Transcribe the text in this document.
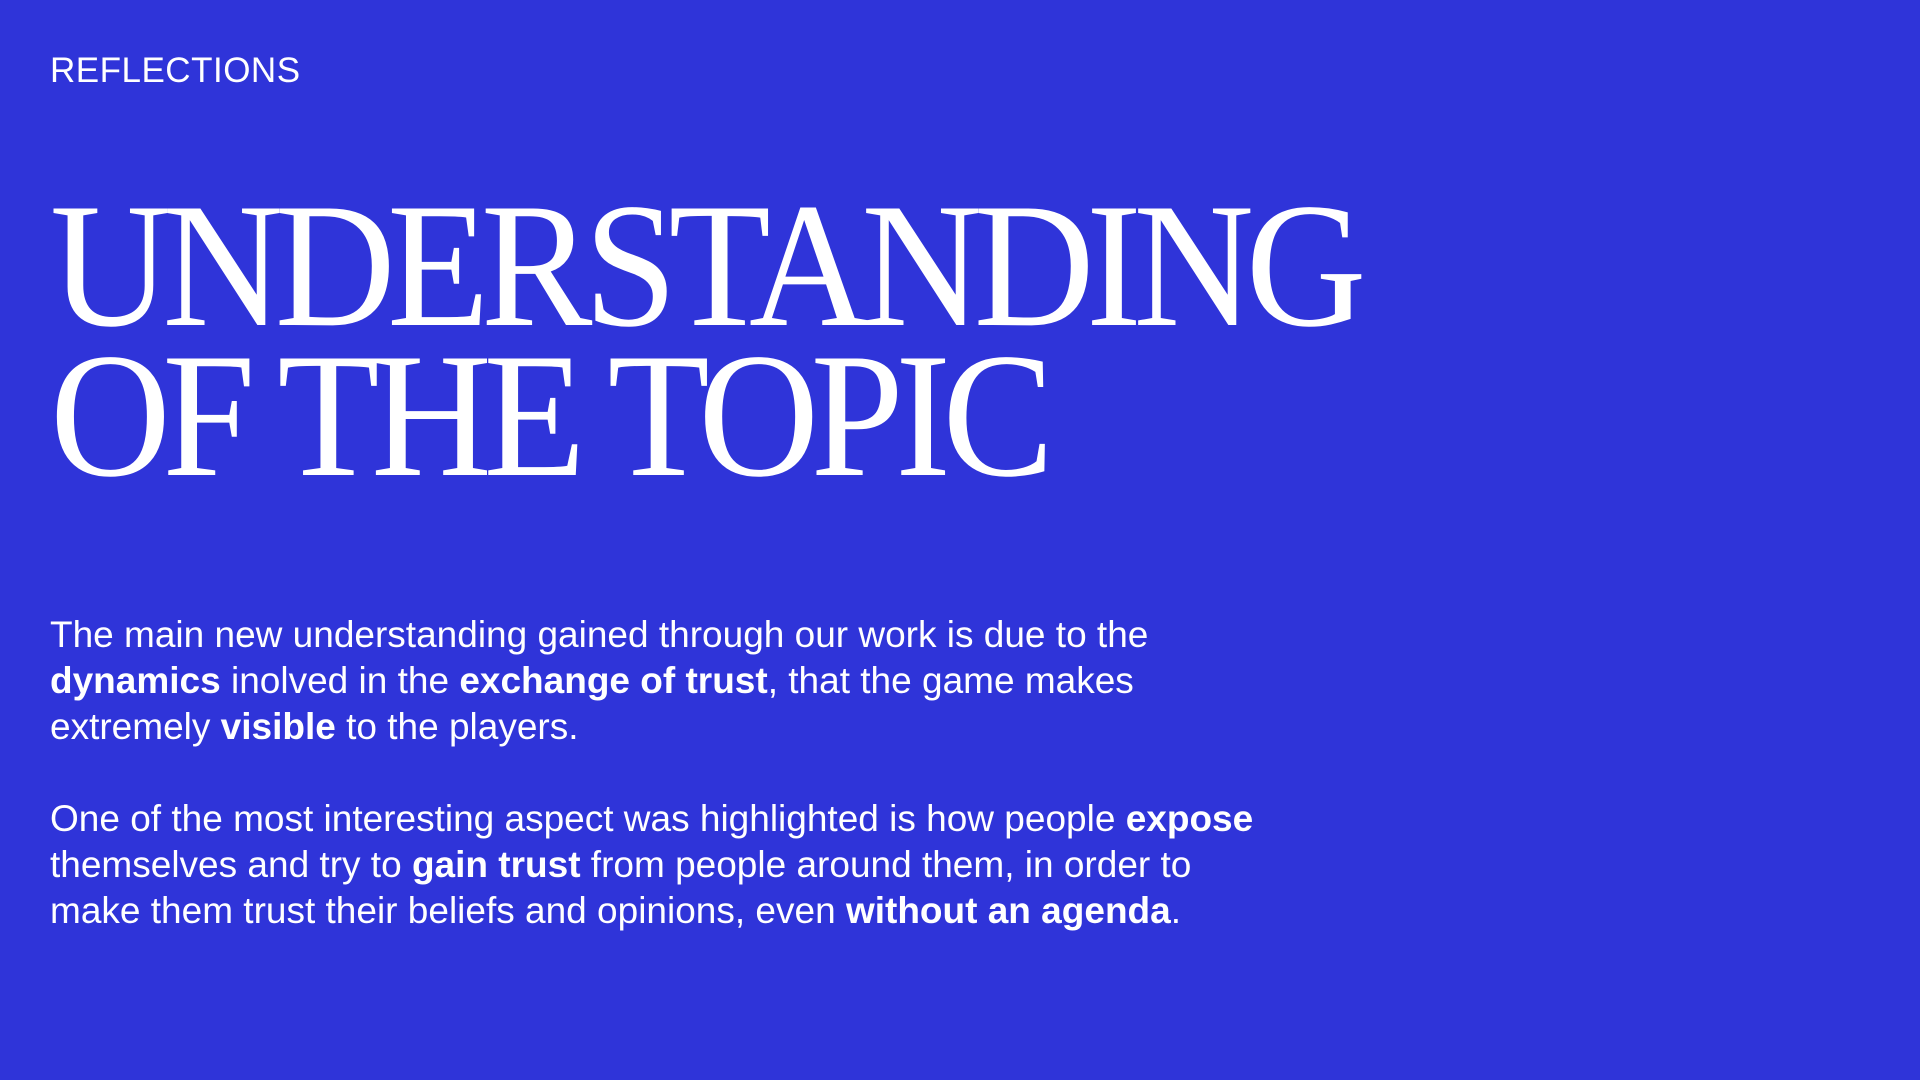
REFLECTIONS
UNDERSTANDING
OF THE TOPIC

The main new understanding gained through our work is due to the
dynamics inolved in the exchange of trust, that the game makes
extremely visible to the players.

One of the most interesting aspect was highlighted is how people expose
themselves and try to gain trust from people around them, in order to
make them trust their beliefs and opinions, even without an agenda.
